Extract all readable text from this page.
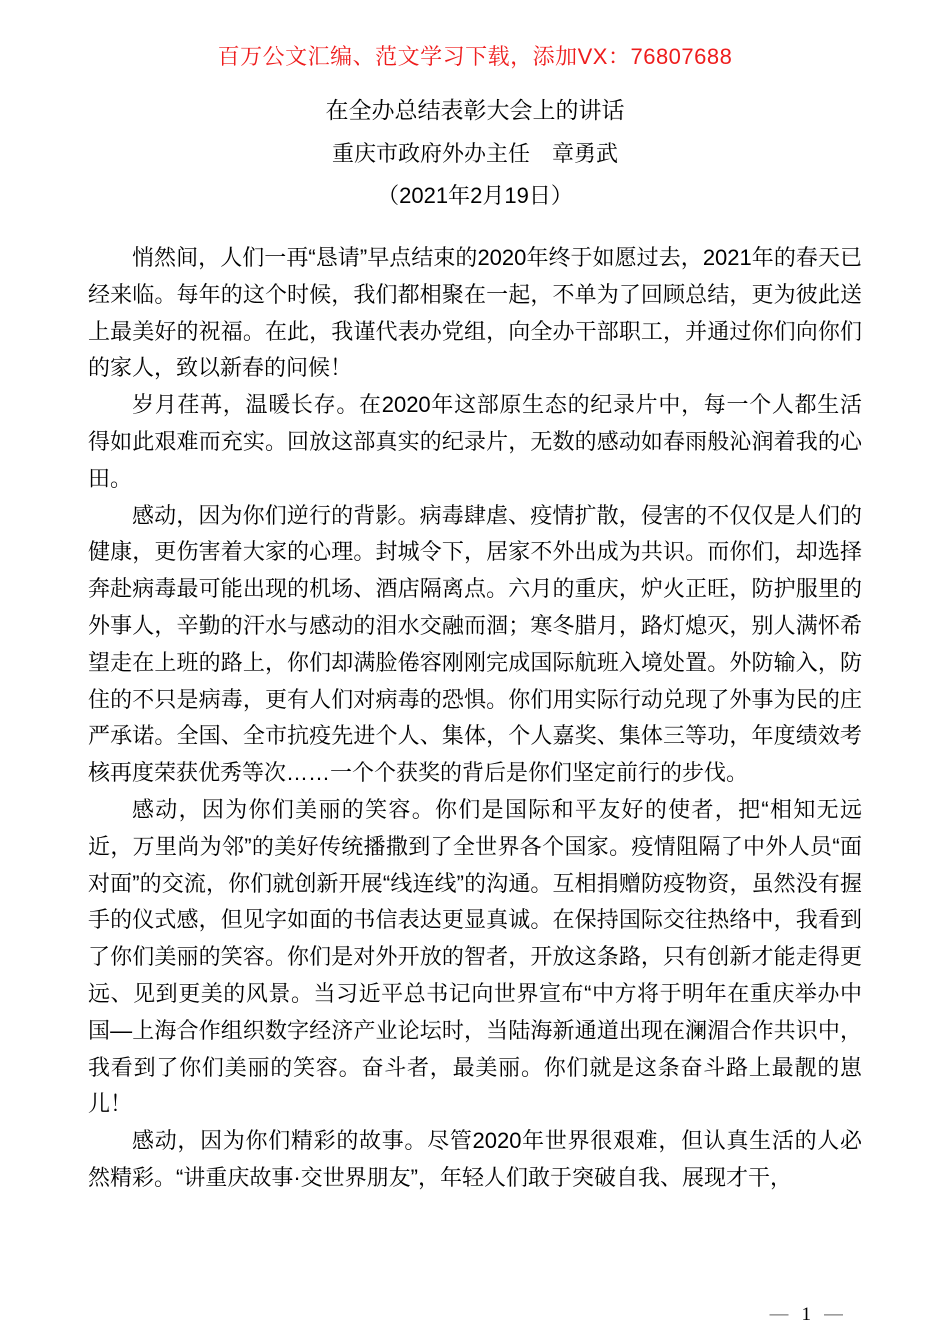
百万公文汇编、范文学习下载，添加VX：76807688
在全办总结表彰大会上的讲话
重庆市政府外办主任　章勇武
（2021年2月19日）

悄然间，人们一再“恳请”早点结束的2020年终于如愿过去，2021年的春天已经来临。每年的这个时候，我们都相聚在一起，不单为了回顾总结，更为彼此送上最美好的祝福。在此，我谨代表办党组，向全办干部职工，并通过你们向你们的家人，致以新春的问候！

岁月荏苒，温暖长存。在2020年这部原生态的纪录片中，每一个人都生活得如此艰难而充实。回放这部真实的纪录片，无数的感动如春雨般沁润着我的心田。

感动，因为你们逆行的背影。病毒肆虐、疫情扩散，侵害的不仅仅是人们的健康，更伤害着大家的心理。封城令下，居家不外出成为共识。而你们，却选择奔赴病毒最可能出现的机场、酒店隔离点。六月的重庆，炉火正旺，防护服里的外事人，辛勤的汗水与感动的泪水交融而涸；寒冬腊月，路灯熄灭，别人满怀希望走在上班的路上，你们却满脸倦容刚刚完成国际航班入境处置。外防输入，防住的不只是病毒，更有人们对病毒的恐惧。你们用实际行动兑现了外事为民的庄严承诺。全国、全市抗疫先进个人、集体，个人嘉奖、集体三等功，年度绩效考核再度荣获优秀等次……一个个获奖的背后是你们坚定前行的步伐。

感动，因为你们美丽的笑容。你们是国际和平友好的使者，把“相知无远近，万里尚为邻”的美好传统播撒到了全世界各个国家。疫情阻隔了中外人员“面对面”的交流，你们就创新开展“线连线”的沟通。互相捐赠防疫物资，虽然没有握手的仪式感，但见字如面的书信表达更显真诚。在保持国际交往热络中，我看到了你们美丽的笑容。你们是对外开放的智者，开放这条路，只有创新才能走得更远、见到更美的风景。当习近平总书记向世界宣布“中方将于明年在重庆举办中国—上海合作组织数字经济产业论坛时，当陆海新通道出现在澜湄合作共识中，我看到了你们美丽的笑容。奋斗者，最美丽。你们就是这条奋斗路上最靓的崽儿！

感动，因为你们精彩的故事。尽管2020年世界很艰难，但认真生活的人必然精彩。“讲重庆故事·交世界朋友”，年轻人们敢于突破自我、展现才干，

— 1 —
